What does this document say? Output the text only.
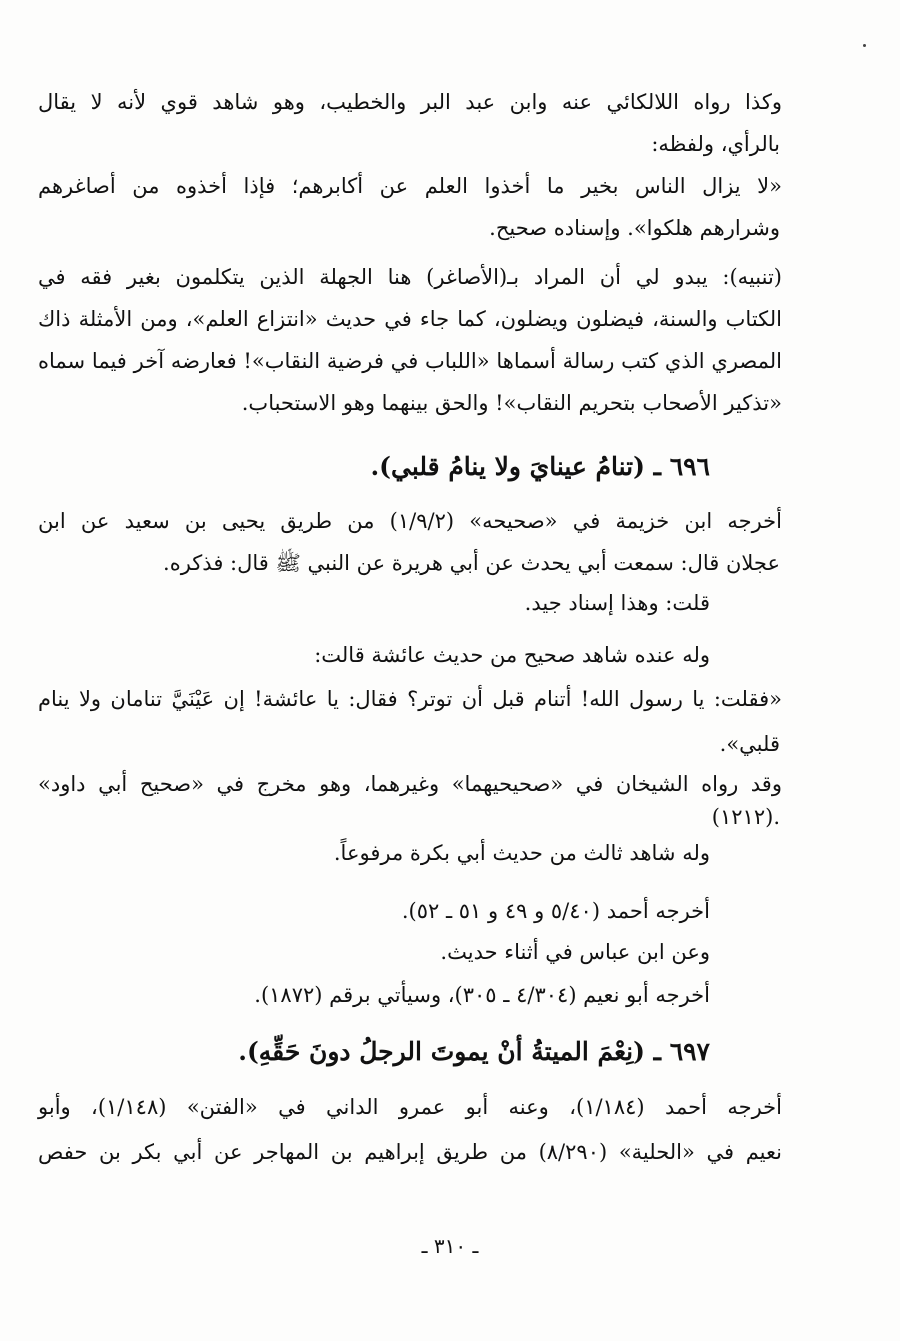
وكذا رواه اللالكائي عنه وابن عبد البر والخطيب، وهو شاهد قوي لأنه لا يقال
بالرأي، ولفظه:
«لا يزال الناس بخير ما أخذوا العلم عن أكابرهم؛ فإذا أخذوه من أصاغرهم
وشرارهم هلكوا». وإسناده صحيح.
(تنبيه): يبدو لي أن المراد بـ(الأصاغر) هنا الجهلة الذين يتكلمون بغير فقه في
الكتاب والسنة، فيضلون ويضلون، كما جاء في حديث «انتزاع العلم»، ومن الأمثلة ذاك
المصري الذي كتب رسالة أسماها «اللباب في فرضية النقاب»! فعارضه آخر فيما سماه
«تذكير الأصحاب بتحريم النقاب»! والحق بينهما وهو الاستحباب.
٦٩٦ ـ (تنامُ عينايَ ولا ينامُ قلبي).
أخرجه ابن خزيمة في «صحيحه» (١/٩/٢) من طريق يحيى بن سعيد عن ابن
عجلان قال: سمعت أبي يحدث عن أبي هريرة عن النبي ﷺ قال: فذكره.
قلت: وهذا إسناد جيد.
وله عنده شاهد صحيح من حديث عائشة قالت:
«فقلت: يا رسول الله! أتنام قبل أن توتر؟ فقال: يا عائشة! إن عَيْنَيَّ تنامان ولا ينام
قلبي».
وقد رواه الشيخان في «صحيحيهما» وغيرهما، وهو مخرج في «صحيح أبي داود»
(١٢١٢).
وله شاهد ثالث من حديث أبي بكرة مرفوعاً.
أخرجه أحمد (٥/٤٠ و ٤٩ و ٥١ ـ ٥٢).
وعن ابن عباس في أثناء حديث.
أخرجه أبو نعيم (٤/٣٠٤ ـ ٣٠٥)، وسيأتي برقم (١٨٧٢).
٦٩٧ ـ (نِعْمَ الميتةُ أنْ يموتَ الرجلُ دونَ حَقِّهِ).
أخرجه أحمد (١/١٨٤)، وعنه أبو عمرو الداني في «الفتن» (١/١٤٨)، وأبو
نعيم في «الحلية» (٨/٢٩٠) من طريق إبراهيم بن المهاجر عن أبي بكر بن حفص
ـ ٣١٠ ـ
